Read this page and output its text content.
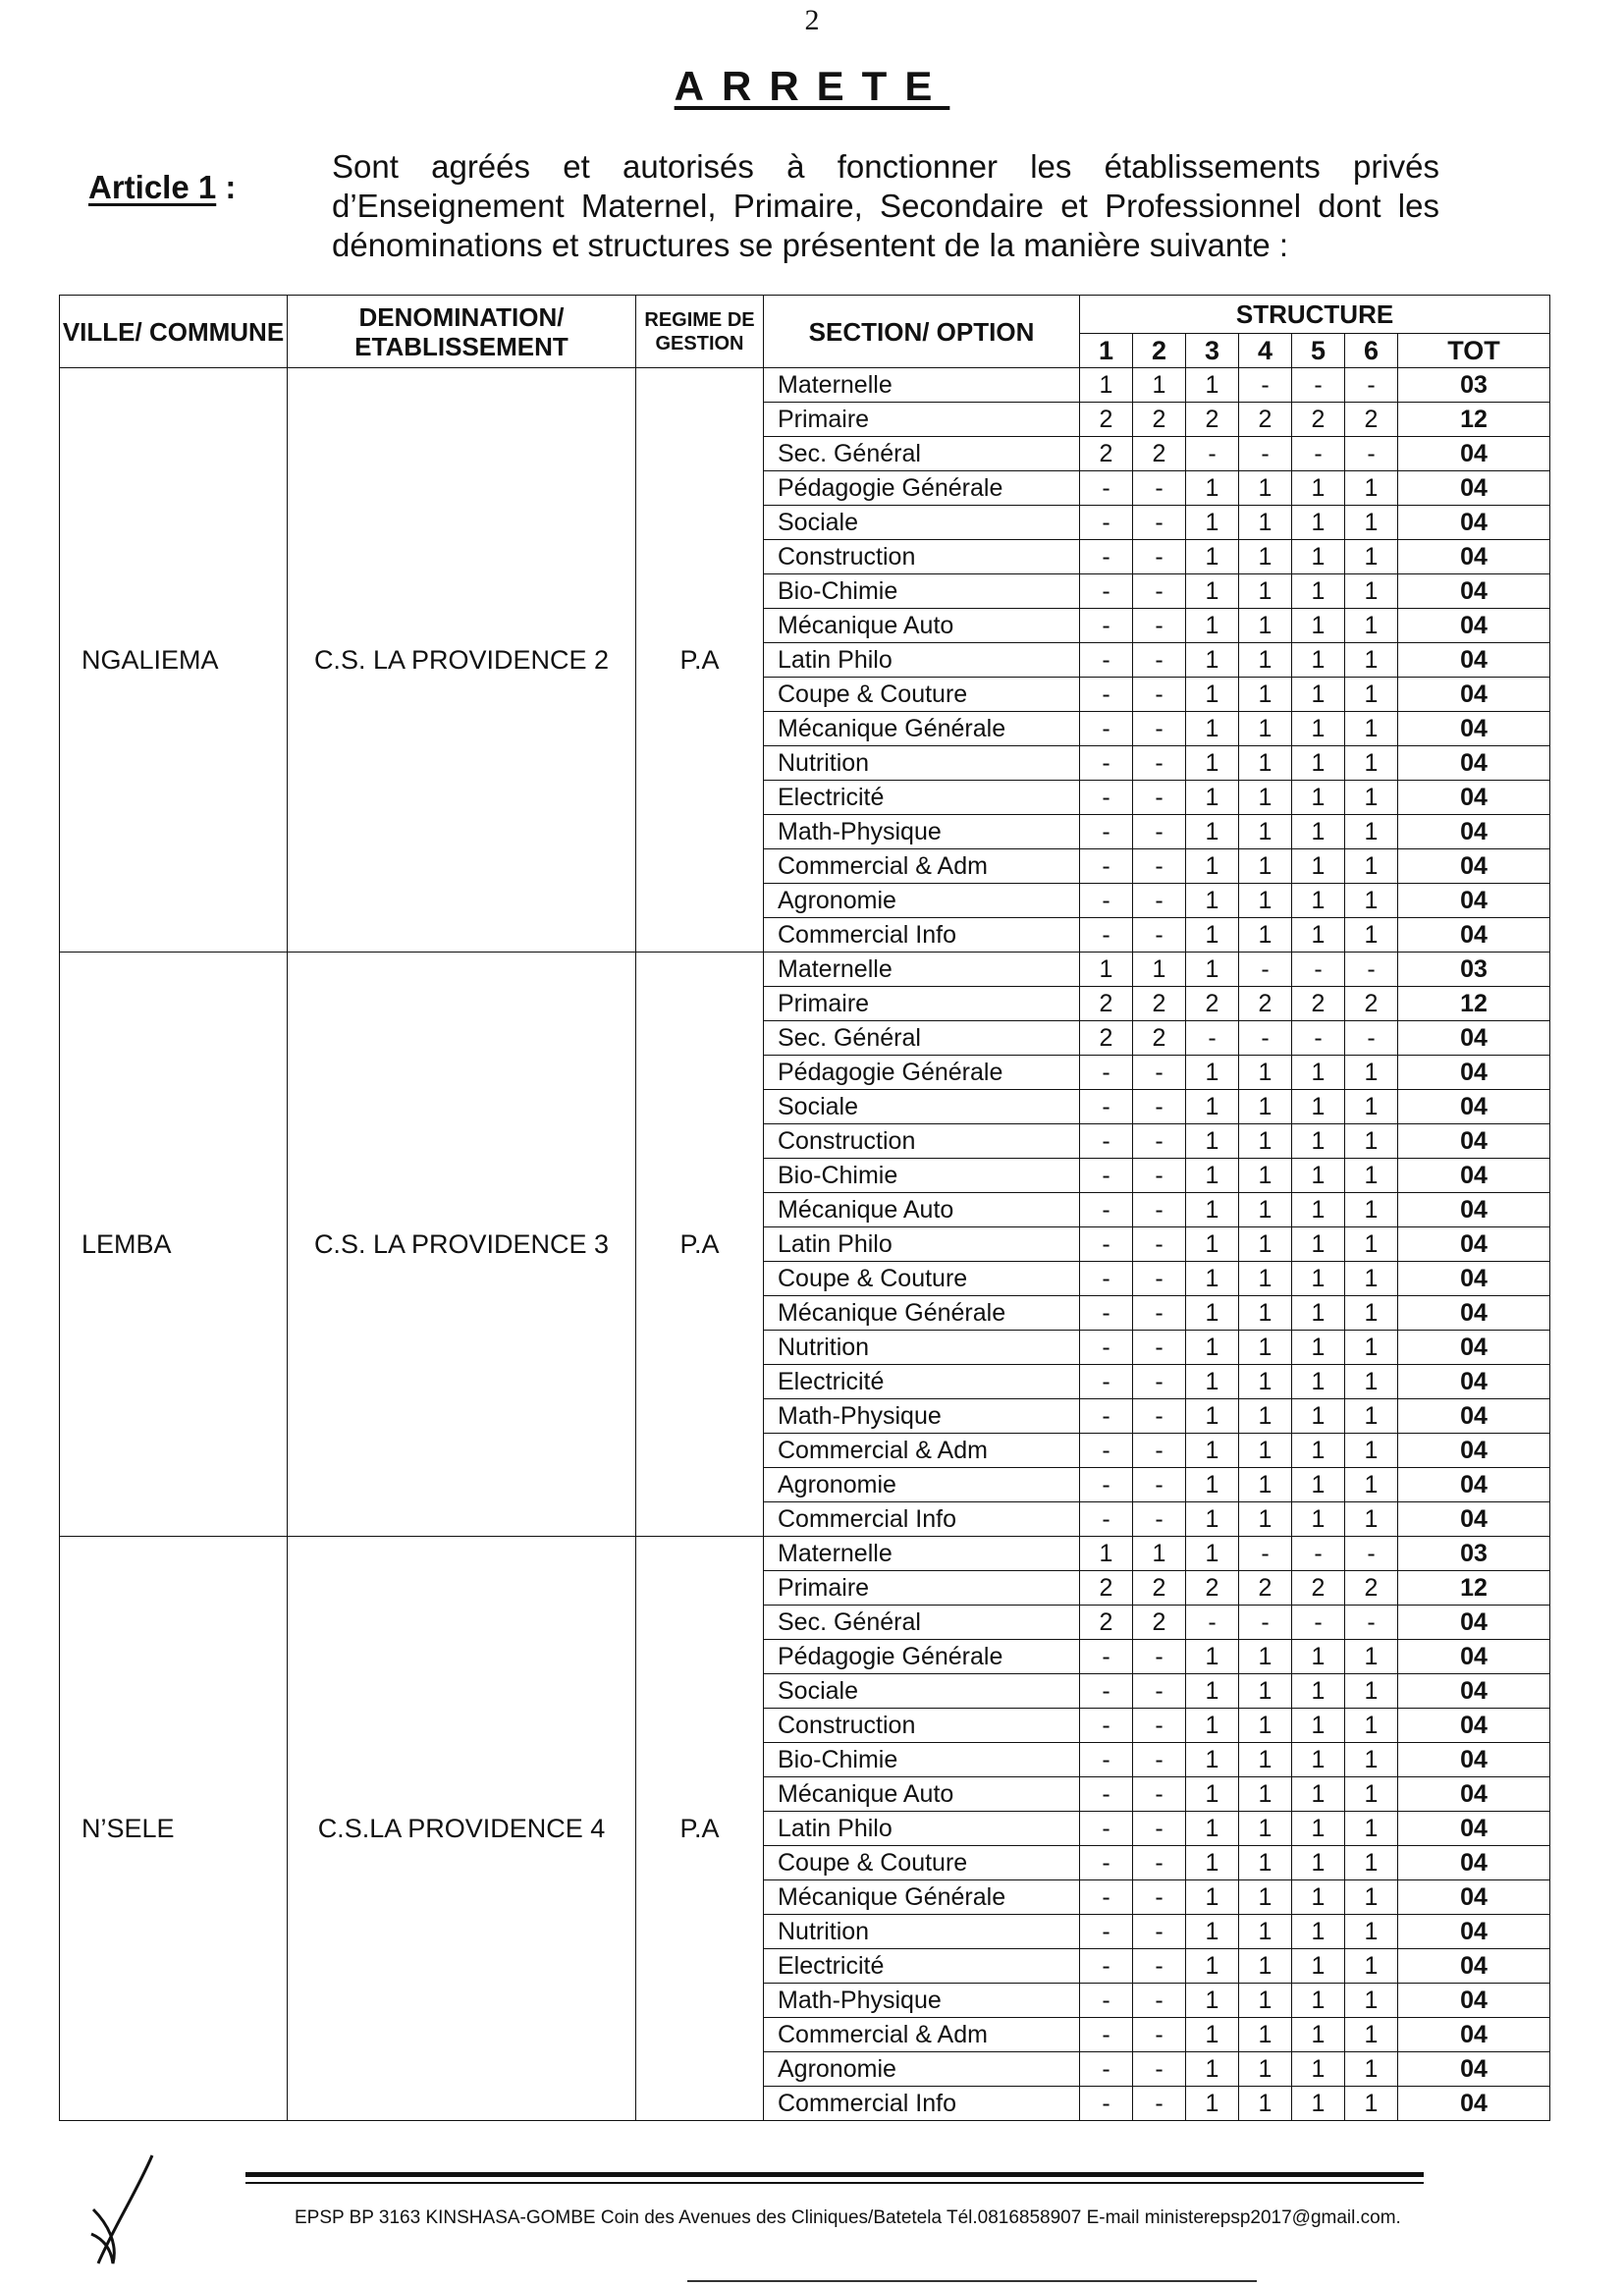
2
ARRETE
Article 1 :
Sont agréés et autorisés à fonctionner les établissements privés d’Enseignement Maternel, Primaire, Secondaire et Professionnel dont les dénominations et structures se présentent de la manière suivante :
VILLE/ COMMUNE	DENOMINATION/ ETABLISSEMENT	REGIME DE GESTION	SECTION/ OPTION	STRUCTURE						
				1	2	3	4	5	6	TOT
NGALIEMA	C.S. LA PROVIDENCE 2	P.A	Maternelle	1	1	1	-	-	-	03
			Primaire	2	2	2	2	2	2	12
			Sec. Général	2	2	-	-	-	-	04
			Pédagogie Générale	-	-	1	1	1	1	04
			Sociale	-	-	1	1	1	1	04
			Construction	-	-	1	1	1	1	04
			Bio-Chimie	-	-	1	1	1	1	04
			Mécanique Auto	-	-	1	1	1	1	04
			Latin Philo	-	-	1	1	1	1	04
			Coupe & Couture	-	-	1	1	1	1	04
			Mécanique Générale	-	-	1	1	1	1	04
			Nutrition	-	-	1	1	1	1	04
			Electricité	-	-	1	1	1	1	04
			Math-Physique	-	-	1	1	1	1	04
			Commercial & Adm	-	-	1	1	1	1	04
			Agronomie	-	-	1	1	1	1	04
			Commercial Info	-	-	1	1	1	1	04
LEMBA	C.S. LA PROVIDENCE 3	P.A	Maternelle	1	1	1	-	-	-	03
			Primaire	2	2	2	2	2	2	12
			Sec. Général	2	2	-	-	-	-	04
			Pédagogie Générale	-	-	1	1	1	1	04
			Sociale	-	-	1	1	1	1	04
			Construction	-	-	1	1	1	1	04
			Bio-Chimie	-	-	1	1	1	1	04
			Mécanique Auto	-	-	1	1	1	1	04
			Latin Philo	-	-	1	1	1	1	04
			Coupe & Couture	-	-	1	1	1	1	04
			Mécanique Générale	-	-	1	1	1	1	04
			Nutrition	-	-	1	1	1	1	04
			Electricité	-	-	1	1	1	1	04
			Math-Physique	-	-	1	1	1	1	04
			Commercial & Adm	-	-	1	1	1	1	04
			Agronomie	-	-	1	1	1	1	04
			Commercial Info	-	-	1	1	1	1	04
N’SELE	C.S.LA PROVIDENCE 4	P.A	Maternelle	1	1	1	-	-	-	03
			Primaire	2	2	2	2	2	2	12
			Sec. Général	2	2	-	-	-	-	04
			Pédagogie Générale	-	-	1	1	1	1	04
			Sociale	-	-	1	1	1	1	04
			Construction	-	-	1	1	1	1	04
			Bio-Chimie	-	-	1	1	1	1	04
			Mécanique Auto	-	-	1	1	1	1	04
			Latin Philo	-	-	1	1	1	1	04
			Coupe & Couture	-	-	1	1	1	1	04
			Mécanique Générale	-	-	1	1	1	1	04
			Nutrition	-	-	1	1	1	1	04
			Electricité	-	-	1	1	1	1	04
			Math-Physique	-	-	1	1	1	1	04
			Commercial & Adm	-	-	1	1	1	1	04
			Agronomie	-	-	1	1	1	1	04
			Commercial Info	-	-	1	1	1	1	04
EPSP BP 3163 KINSHASA-GOMBE Coin des Avenues des Cliniques/Batetela Tél.0816858907 E-mail ministerepsp2017@gmail.com.
